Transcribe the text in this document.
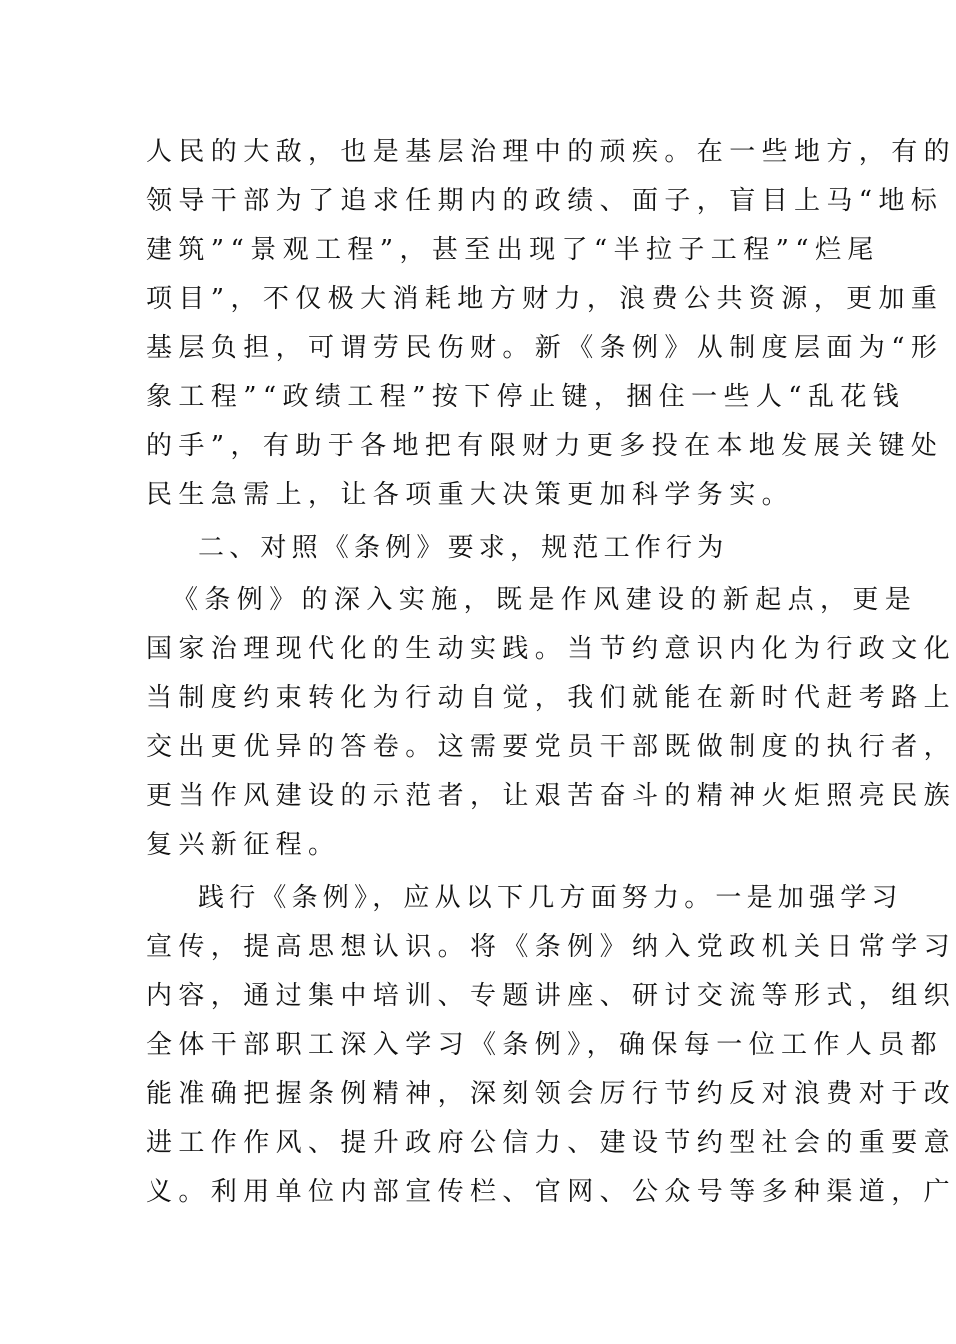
人民的大敌，也是基层治理中的顽疾。在一些地方，有的
领导干部为了追求任期内的政绩、面子，盲目上马“地标
建筑”“景观工程”，甚至出现了“半拉子工程”“烂尾
项目”，不仅极大消耗地方财力，浪费公共资源，更加重
基层负担，可谓劳民伤财。新《条例》从制度层面为“形
象工程”“政绩工程”按下停止键，捆住一些人“乱花钱
的手”，有助于各地把有限财力更多投在本地发展关键处
民生急需上，让各项重大决策更加科学务实。
二、对照《条例》要求，规范工作行为
《条例》的深入实施，既是作风建设的新起点，更是
国家治理现代化的生动实践。当节约意识内化为行政文化
当制度约束转化为行动自觉，我们就能在新时代赶考路上
交出更优异的答卷。这需要党员干部既做制度的执行者，
更当作风建设的示范者，让艰苦奋斗的精神火炬照亮民族
复兴新征程。
践行《条例》，应从以下几方面努力。一是加强学习
宣传，提高思想认识。将《条例》纳入党政机关日常学习
内容，通过集中培训、专题讲座、研讨交流等形式，组织
全体干部职工深入学习《条例》，确保每一位工作人员都
能准确把握条例精神，深刻领会厉行节约反对浪费对于改
进工作作风、提升政府公信力、建设节约型社会的重要意
义。利用单位内部宣传栏、官网、公众号等多种渠道，广
